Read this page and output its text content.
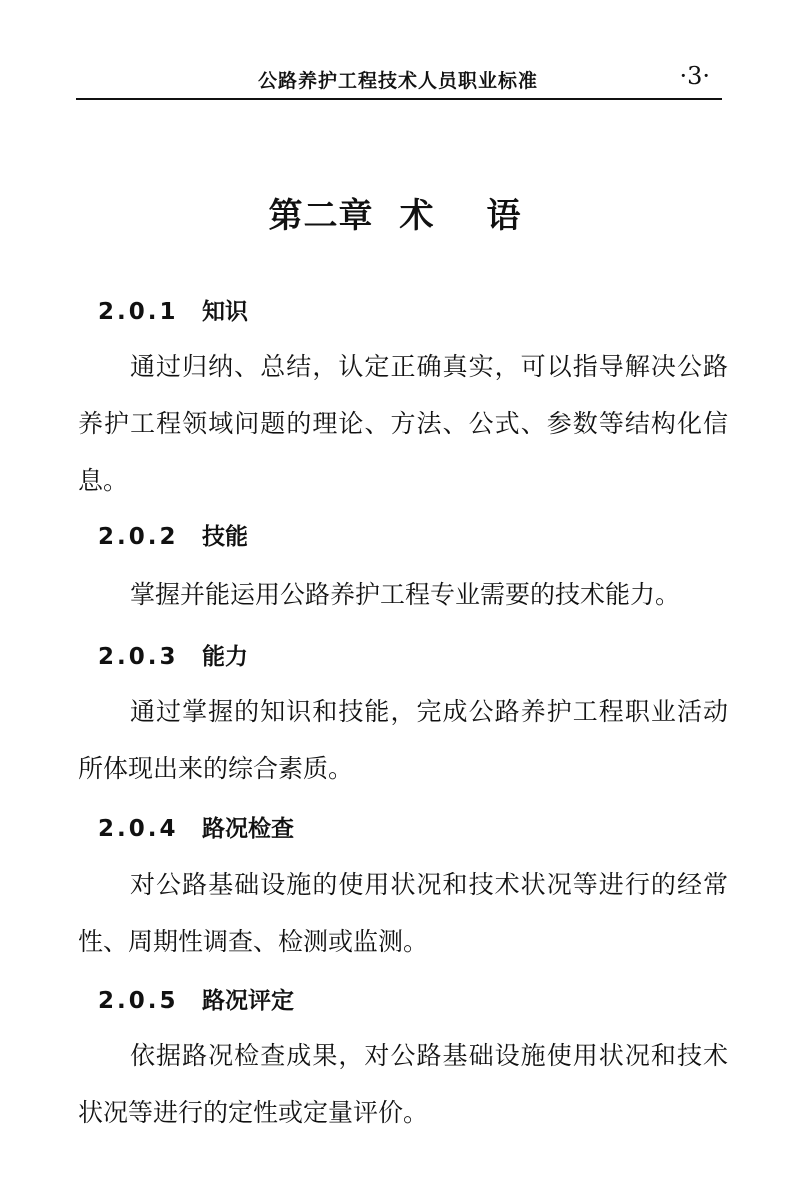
公路养护工程技术人员职业标准	·3·
第二章 术 语
2.0.1 知识

通过归纳、总结，认定正确真实，可以指导解决公路养护工程领域问题的理论、方法、公式、参数等结构化信息。

2.0.2 技能

掌握并能运用公路养护工程专业需要的技术能力。

2.0.3 能力

通过掌握的知识和技能，完成公路养护工程职业活动所体现出来的综合素质。

2.0.4 路况检查

对公路基础设施的使用状况和技术状况等进行的经常性、周期性调查、检测或监测。

2.0.5 路况评定

依据路况检查成果，对公路基础设施使用状况和技术状况等进行的定性或定量评价。
